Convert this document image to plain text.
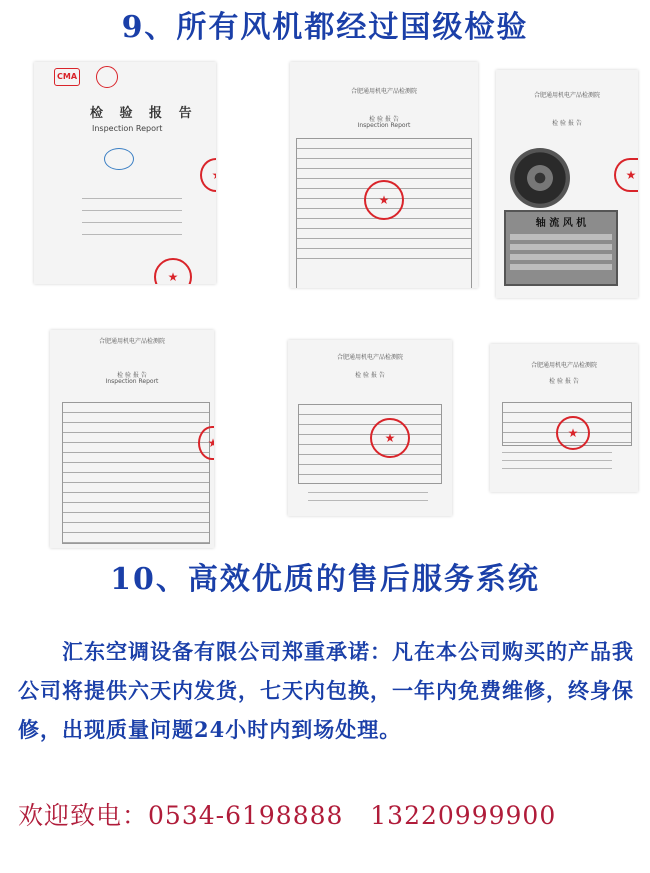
9、所有风机都经过国级检验
CMA
检 验 报 告
Inspection Report
★
★
合肥通用机电产品检测院
检 验 报 告
Inspection Report
★
合肥通用机电产品检测院
检 验 报 告
轴 流 风 机
★
合肥通用机电产品检测院
检 验 报 告
Inspection Report
★
合肥通用机电产品检测院
检 验 报 告
★
合肥通用机电产品检测院
检 验 报 告
★
10、高效优质的售后服务系统
汇东空调设备有限公司郑重承诺：凡在本公司购买的产品我公司将提供六天内发货，七天内包换，一年内免费维修，终身保修，出现质量问题24小时内到场处理。
欢迎致电：0534-6198888 13220999900
